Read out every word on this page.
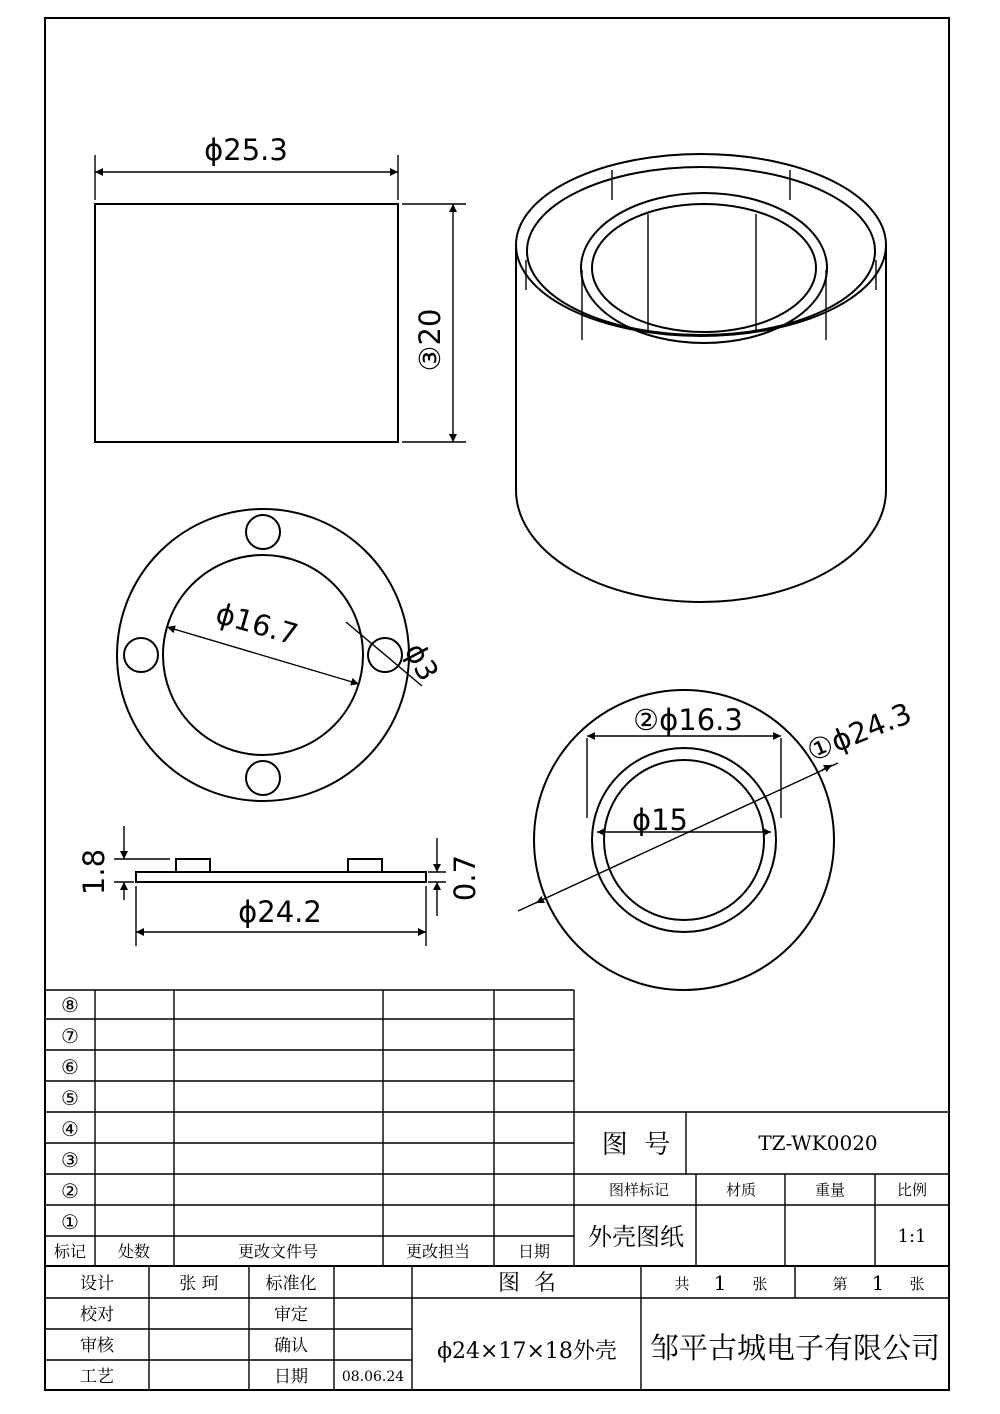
ϕ25.3
③20
ϕ16.7
ϕ3
1.8	0.7
ϕ24.2
②ϕ16.3
ϕ15
①ϕ24.3
⑧
⑦
⑥
⑤
④
③
②
①
标记 处数	更改文件号	更改担当	日期
图  号	TZ-WK0020
图样标记	材质	重量	比例
外壳图纸	1:1
设计	张 珂	标准化
校对	审定
审核	确认
工艺	日期 08.06.24
图  名	共 1 张	第 1 张
ϕ24×17×18外壳 邹平古城电子有限公司
